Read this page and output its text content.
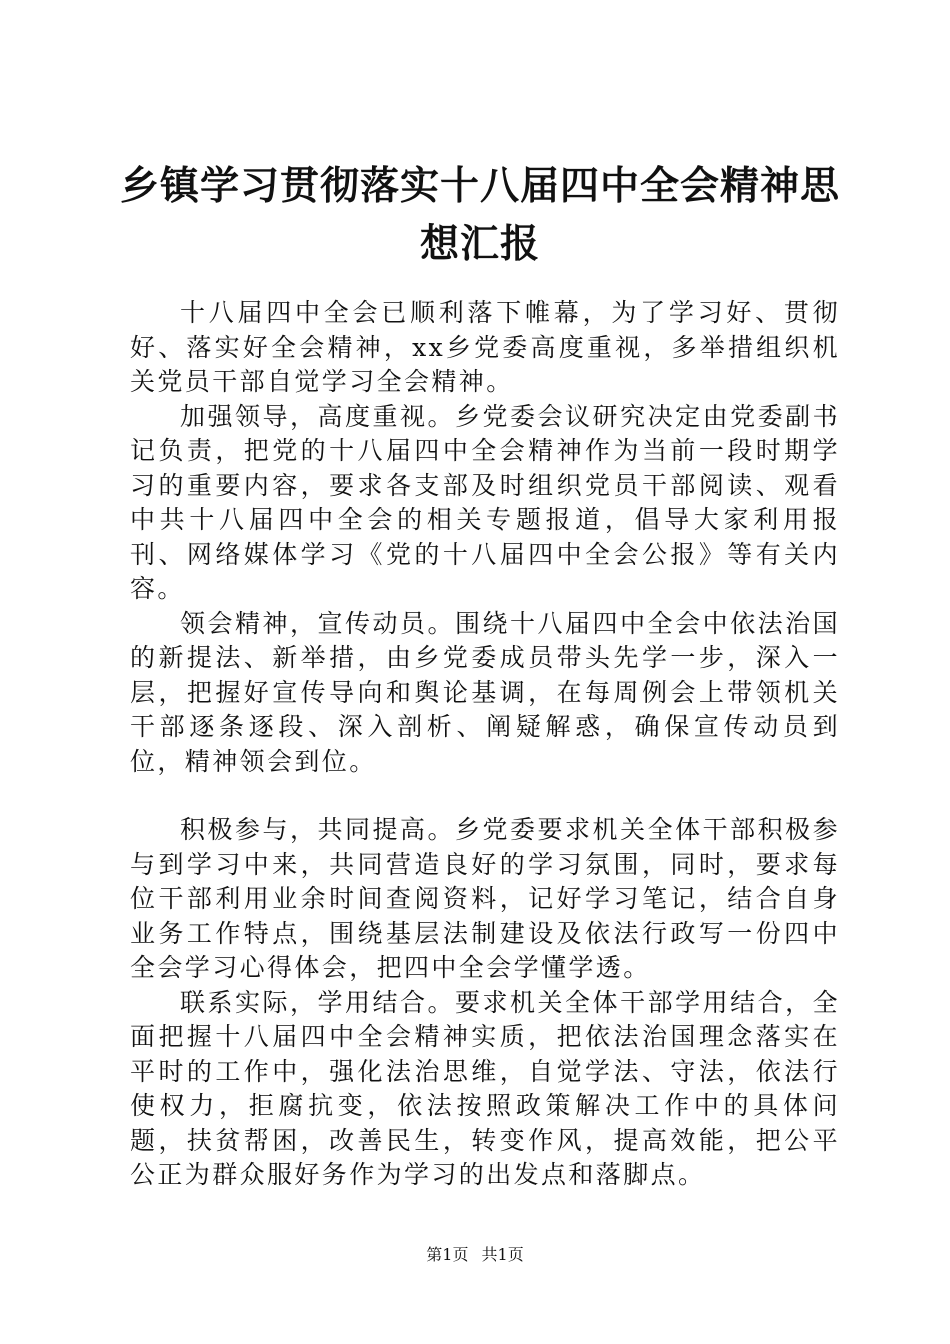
乡镇学习贯彻落实十八届四中全会精神思想汇报

十八届四中全会已顺利落下帷幕，为了学习好、贯彻好、落实好全会精神，xx乡党委高度重视，多举措组织机关党员干部自觉学习全会精神。

加强领导，高度重视。乡党委会议研究决定由党委副书记负责，把党的十八届四中全会精神作为当前一段时期学习的重要内容，要求各支部及时组织党员干部阅读、观看中共十八届四中全会的相关专题报道，倡导大家利用报刊、网络媒体学习《党的十八届四中全会公报》等有关内容。

领会精神，宣传动员。围绕十八届四中全会中依法治国的新提法、新举措，由乡党委成员带头先学一步，深入一层，把握好宣传导向和舆论基调，在每周例会上带领机关干部逐条逐段、深入剖析、阐疑解惑，确保宣传动员到位，精神领会到位。

积极参与，共同提高。乡党委要求机关全体干部积极参与到学习中来，共同营造良好的学习氛围，同时，要求每位干部利用业余时间查阅资料，记好学习笔记，结合自身业务工作特点，围绕基层法制建设及依法行政写一份四中全会学习心得体会，把四中全会学懂学透。

联系实际，学用结合。要求机关全体干部学用结合，全面把握十八届四中全会精神实质，把依法治国理念落实在平时的工作中，强化法治思维，自觉学法、守法，依法行使权力，拒腐抗变，依法按照政策解决工作中的具体问题，扶贫帮困，改善民生，转变作风，提高效能，把公平公正为群众服好务作为学习的出发点和落脚点。

第1页 共1页
